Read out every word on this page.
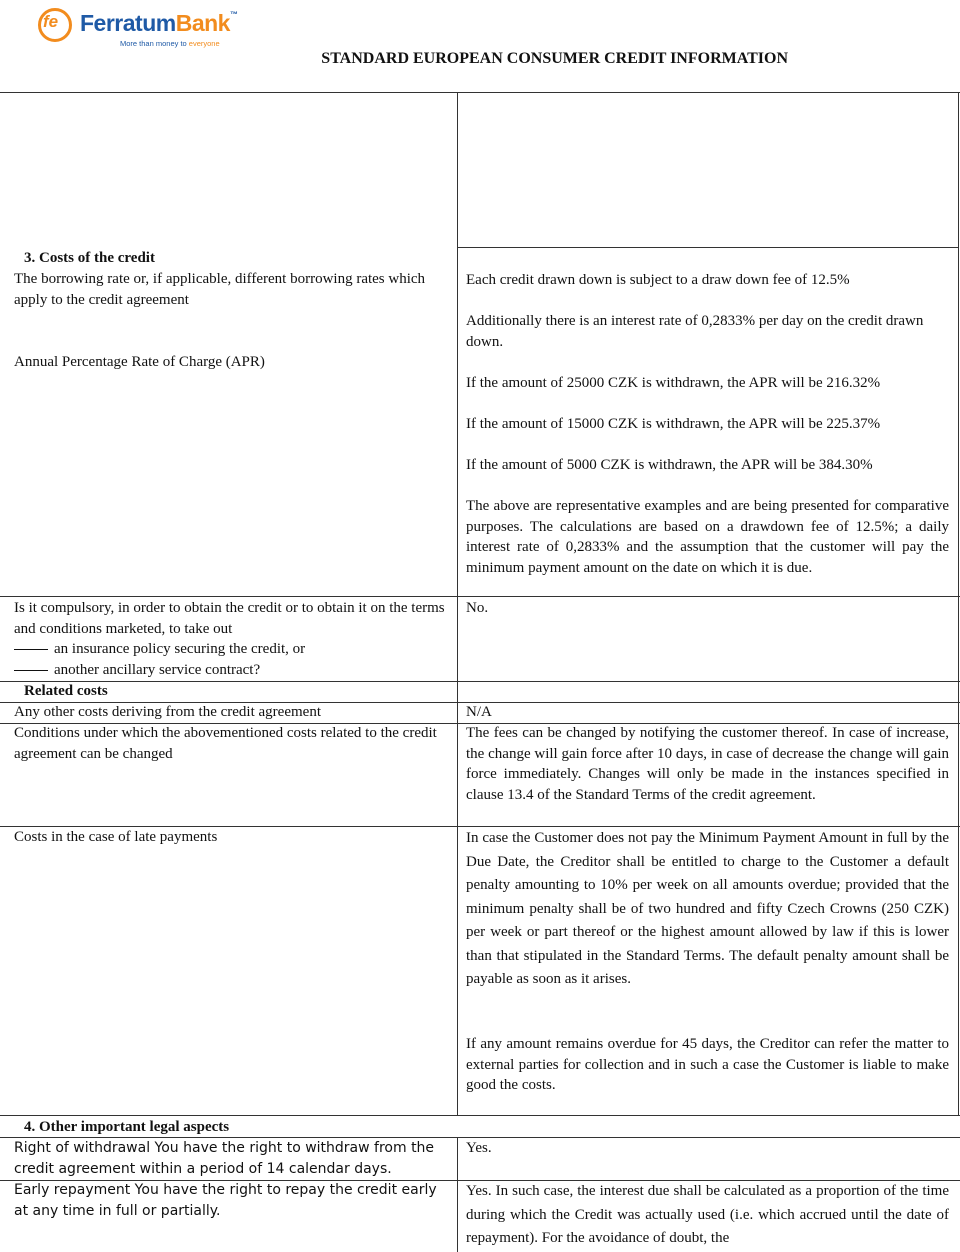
fe FerratumBank™
More than money to everyone
STANDARD EUROPEAN CONSUMER CREDIT INFORMATION
3. Costs of the credit
The borrowing rate or, if applicable, different borrowing rates which apply to the credit agreement
Annual Percentage Rate of Charge (APR)
Each credit drawn down is subject to a draw down fee of 12.5%
Additionally there is an interest rate of 0,2833% per day on the credit drawn down.
If the amount of 25000 CZK is withdrawn, the APR will be 216.32%
If the amount of 15000 CZK is withdrawn, the APR will be 225.37%
If the amount of 5000 CZK is withdrawn, the APR will be 384.30%
The above are representative examples and are being presented for comparative purposes. The calculations are based on a drawdown fee of 12.5%; a daily interest rate of 0,2833% and the assumption that the customer will pay the minimum payment amount on the date on which it is due.
Is it compulsory, in order to obtain the credit or to obtain it on the terms and conditions marketed, to take out
an insurance policy securing the credit, or
another ancillary service contract?
No.
Related costs
Any other costs deriving from the credit agreement	N/A
Conditions under which the abovementioned costs related to the credit agreement can be changed
The fees can be changed by notifying the customer thereof. In case of increase, the change will gain force after 10 days, in case of decrease the change will gain force immediately. Changes will only be made in the instances specified in clause 13.4 of the Standard Terms of the credit agreement.
Costs in the case of late payments	In case the Customer does not pay the Minimum Payment Amount in full by the Due Date, the Creditor shall be entitled to charge to the Customer a default penalty amounting to 10% per week on all amounts overdue; provided that the minimum penalty shall be of two hundred and fifty Czech Crowns (250 CZK) per week or part thereof or the highest amount allowed by law if this is lower than that stipulated in the Standard Terms. The default penalty amount shall be payable as soon as it arises.
If any amount remains overdue for 45 days, the Creditor can refer the matter to external parties for collection and in such a case the Customer is liable to make good the costs.
4. Other important legal aspects
Right of withdrawal You have the right to withdraw from the credit agreement within a period of 14 calendar days.
Yes.
Early repayment You have the right to repay the credit early at any time in full or partially.
Yes. In such case, the interest due shall be calculated as a proportion of the time during which the Credit was actually used (i.e. which accrued until the date of repayment). For the avoidance of doubt, the
